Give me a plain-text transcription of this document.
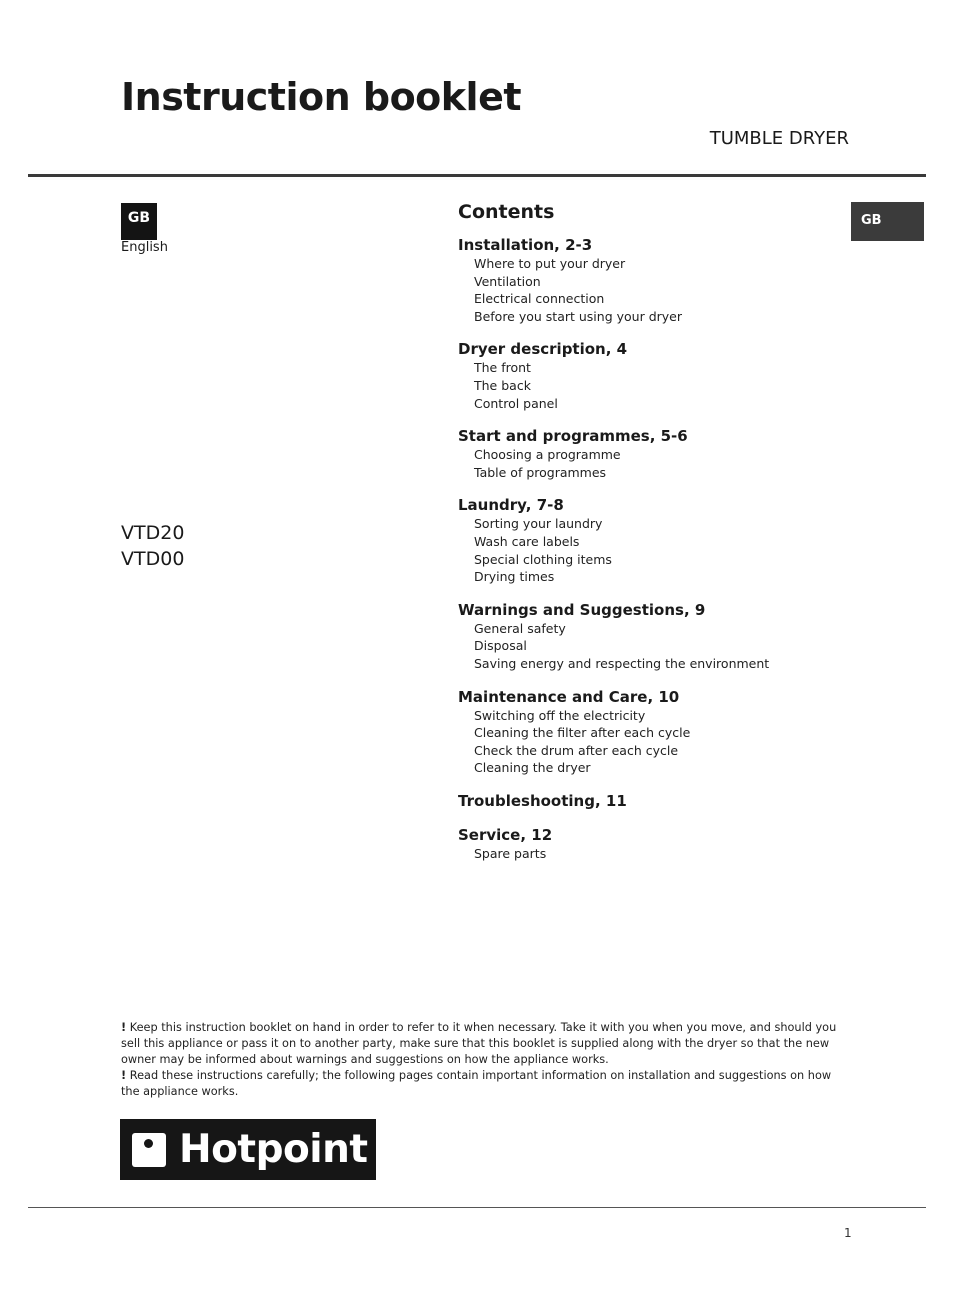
Instruction booklet
TUMBLE DRYER
GB
English
GB
VTD20
VTD00
Contents
Installation, 2-3
Where to put your dryer
Ventilation
Electrical connection
Before you start using your dryer
Dryer description, 4
The front
The back
Control panel
Start and programmes, 5-6
Choosing a programme
Table of programmes
Laundry, 7-8
Sorting your laundry
Wash care labels
Special clothing items
Drying times
Warnings and Suggestions, 9
General safety
Disposal
Saving energy and respecting the environment
Maintenance and Care, 10
Switching off the electricity
Cleaning the filter after each cycle
Check the drum after each cycle
Cleaning the dryer
Troubleshooting, 11
Service, 12
Spare parts
! Keep this instruction booklet on hand in order to refer to it when necessary. Take it with you when you move, and should you sell this appliance or pass it on to another party, make sure that this booklet is supplied along with the dryer so that the new owner may be informed about warnings and suggestions on how the appliance works.
! Read these instructions carefully; the following pages contain important information on installation and suggestions on how the appliance works.
Hotpoint
1
